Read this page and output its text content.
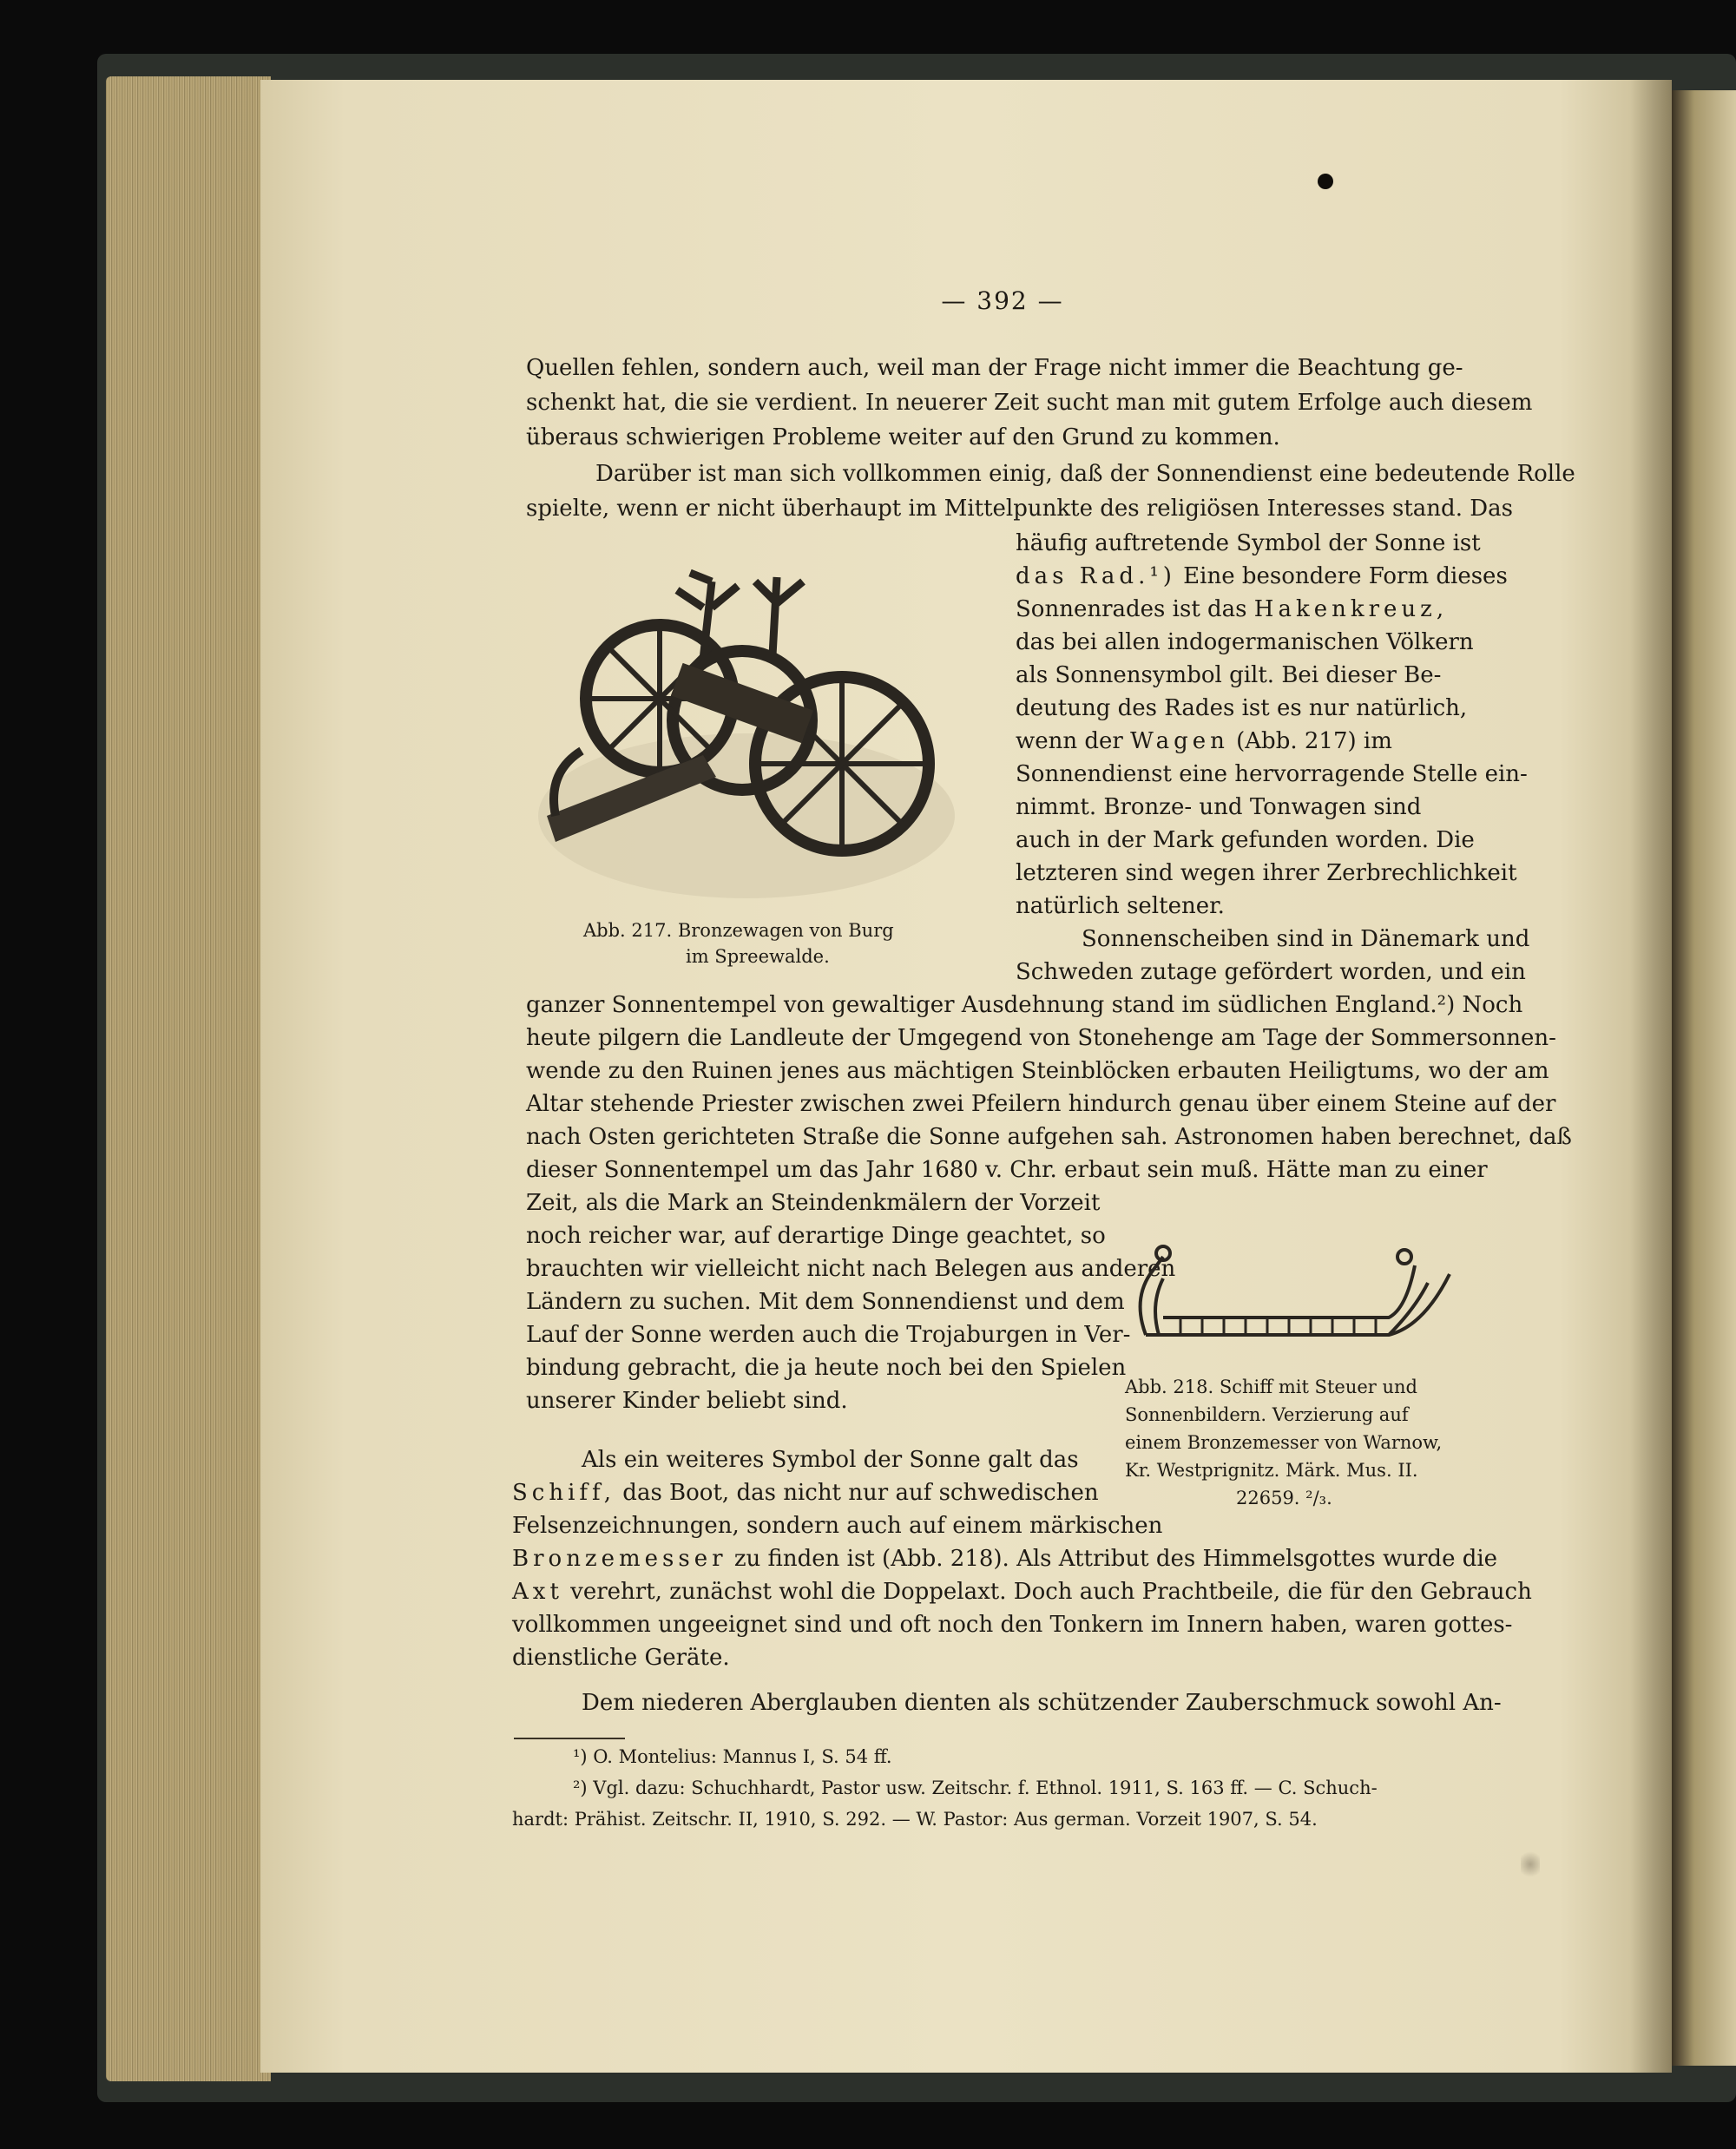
— 392 —

Quellen fehlen, sondern auch, weil man der Frage nicht immer die Beachtung ge-

schenkt hat, die sie verdient. In neuerer Zeit sucht man mit gutem Erfolge auch diesem

überaus schwierigen Probleme weiter auf den Grund zu kommen.

Darüber ist man sich vollkommen einig, daß der Sonnendienst eine bedeutende Rolle

spielte, wenn er nicht überhaupt im Mittelpunkte des religiösen Interesses stand. Das

Abb. 217. Bronzewagen von Burg

im Spreewalde.

häufig auftretende Symbol der Sonne ist

das Rad.¹) Eine besondere Form dieses

Sonnenrades ist das Hakenkreuz,

das bei allen indogermanischen Völkern

als Sonnensymbol gilt. Bei dieser Be-

deutung des Rades ist es nur natürlich,

wenn der Wagen (Abb. 217) im

Sonnendienst eine hervorragende Stelle ein-

nimmt. Bronze- und Tonwagen sind

auch in der Mark gefunden worden. Die

letzteren sind wegen ihrer Zerbrechlichkeit

natürlich seltener.

Sonnenscheiben sind in Dänemark und

Schweden zutage gefördert worden, und ein

ganzer Sonnentempel von gewaltiger Ausdehnung stand im südlichen England.²) Noch

heute pilgern die Landleute der Umgegend von Stonehenge am Tage der Sommersonnen-

wende zu den Ruinen jenes aus mächtigen Steinblöcken erbauten Heiligtums, wo der am

Altar stehende Priester zwischen zwei Pfeilern hindurch genau über einem Steine auf der

nach Osten gerichteten Straße die Sonne aufgehen sah. Astronomen haben berechnet, daß

dieser Sonnentempel um das Jahr 1680 v. Chr. erbaut sein muß. Hätte man zu einer

Zeit, als die Mark an Steindenkmälern der Vorzeit

noch reicher war, auf derartige Dinge geachtet, so

brauchten wir vielleicht nicht nach Belegen aus anderen

Ländern zu suchen. Mit dem Sonnendienst und dem

Lauf der Sonne werden auch die Trojaburgen in Ver-

bindung gebracht, die ja heute noch bei den Spielen

unserer Kinder beliebt sind.

Abb. 218. Schiff mit Steuer und

Sonnenbildern. Verzierung auf

einem Bronzemesser von Warnow,

Kr. Westprignitz. Märk. Mus. II.

22659. ²/₃.

Als ein weiteres Symbol der Sonne galt das

Schiff, das Boot, das nicht nur auf schwedischen

Felsenzeichnungen, sondern auch auf einem märkischen

Bronzemesser zu finden ist (Abb. 218). Als Attribut des Himmelsgottes wurde die

Axt verehrt, zunächst wohl die Doppelaxt. Doch auch Prachtbeile, die für den Gebrauch

vollkommen ungeeignet sind und oft noch den Tonkern im Innern haben, waren gottes-

dienstliche Geräte.

Dem niederen Aberglauben dienten als schützender Zauberschmuck sowohl An-

¹) O. Montelius: Mannus I, S. 54 ff.

²) Vgl. dazu: Schuchhardt, Pastor usw. Zeitschr. f. Ethnol. 1911, S. 163 ff. — C. Schuch-

hardt: Prähist. Zeitschr. II, 1910, S. 292. — W. Pastor: Aus german. Vorzeit 1907, S. 54.
